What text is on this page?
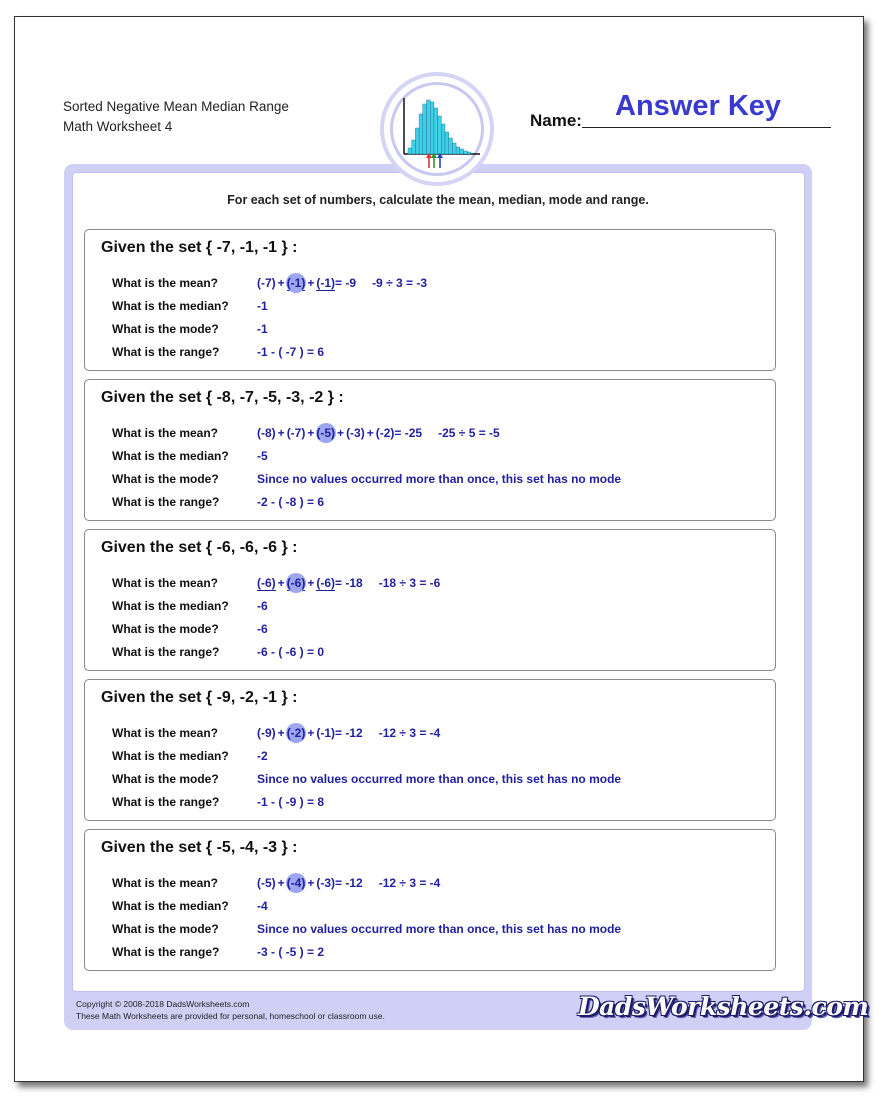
Sorted Negative Mean Median Range
Math Worksheet 4
Answer Key
Name:
For each set of numbers, calculate the mean, median, mode and range.
Given the set { -7, -1, -1 } :
What is the mean?	(-7) + (-1) + (-1)= -9 -9 ÷ 3 = -3
What is the median? -1
What is the mode?	-1
What is the range?	-1 - ( -7 ) = 6
Given the set { -8, -7, -5, -3, -2 } :
What is the mean?	(-8) + (-7) + (-5) + (-3) + (-2)= -25 -25 ÷ 5 = -5
What is the median? -5
What is the mode?	Since no values occurred more than once, this set has no mode
What is the range?	-2 - ( -8 ) = 6
Given the set { -6, -6, -6 } :
What is the mean?	(-6) + (-6) + (-6)= -18 -18 ÷ 3 = -6
What is the median? -6
What is the mode?	-6
What is the range?	-6 - ( -6 ) = 0
Given the set { -9, -2, -1 } :
What is the mean?	(-9) + (-2) + (-1)= -12 -12 ÷ 3 = -4
What is the median? -2
What is the mode?	Since no values occurred more than once, this set has no mode
What is the range?	-1 - ( -9 ) = 8
Given the set { -5, -4, -3 } :
What is the mean?	(-5) + (-4) + (-3)= -12 -12 ÷ 3 = -4
What is the median? -4
What is the mode?	Since no values occurred more than once, this set has no mode
What is the range?	-3 - ( -5 ) = 2
Copyright © 2008-2018 DadsWorksheets.com
These Math Worksheets are provided for personal, homeschool or classroom use.	DadsWorksheets.com
